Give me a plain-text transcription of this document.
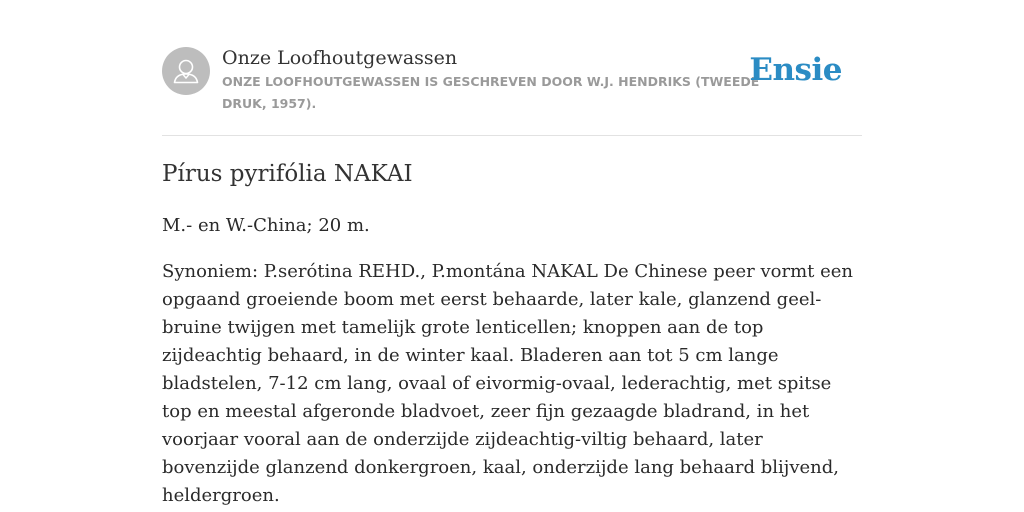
Onze Loofhoutgewassen
ONZE LOOFHOUTGEWASSEN IS GESCHREVEN DOOR W.J. HENDRIKS (TWEEDE DRUK, 1957).
Ensie
Pírus pyrifólia NAKAI

M.- en W.-China; 20 m.

Synoniem: P.serótina REHD., P.montána NAKAL De Chinese peer vormt een opgaand groeiende boom met eerst behaarde, later kale, glanzend geel-bruine twijgen met tamelijk grote lenticellen; knoppen aan de top zijdeachtig behaard, in de winter kaal. Bladeren aan tot 5 cm lange bladstelen, 7-12 cm lang, ovaal of eivormig-ovaal, lederachtig, met spitse top en meestal afgeronde bladvoet, zeer fijn gezaagde bladrand, in het voorjaar vooral aan de onderzijde zijdeachtig-viltig behaard, later bovenzijde glanzend donkergroen, kaal, onderzijde lang behaard blijvend, heldergroen.
